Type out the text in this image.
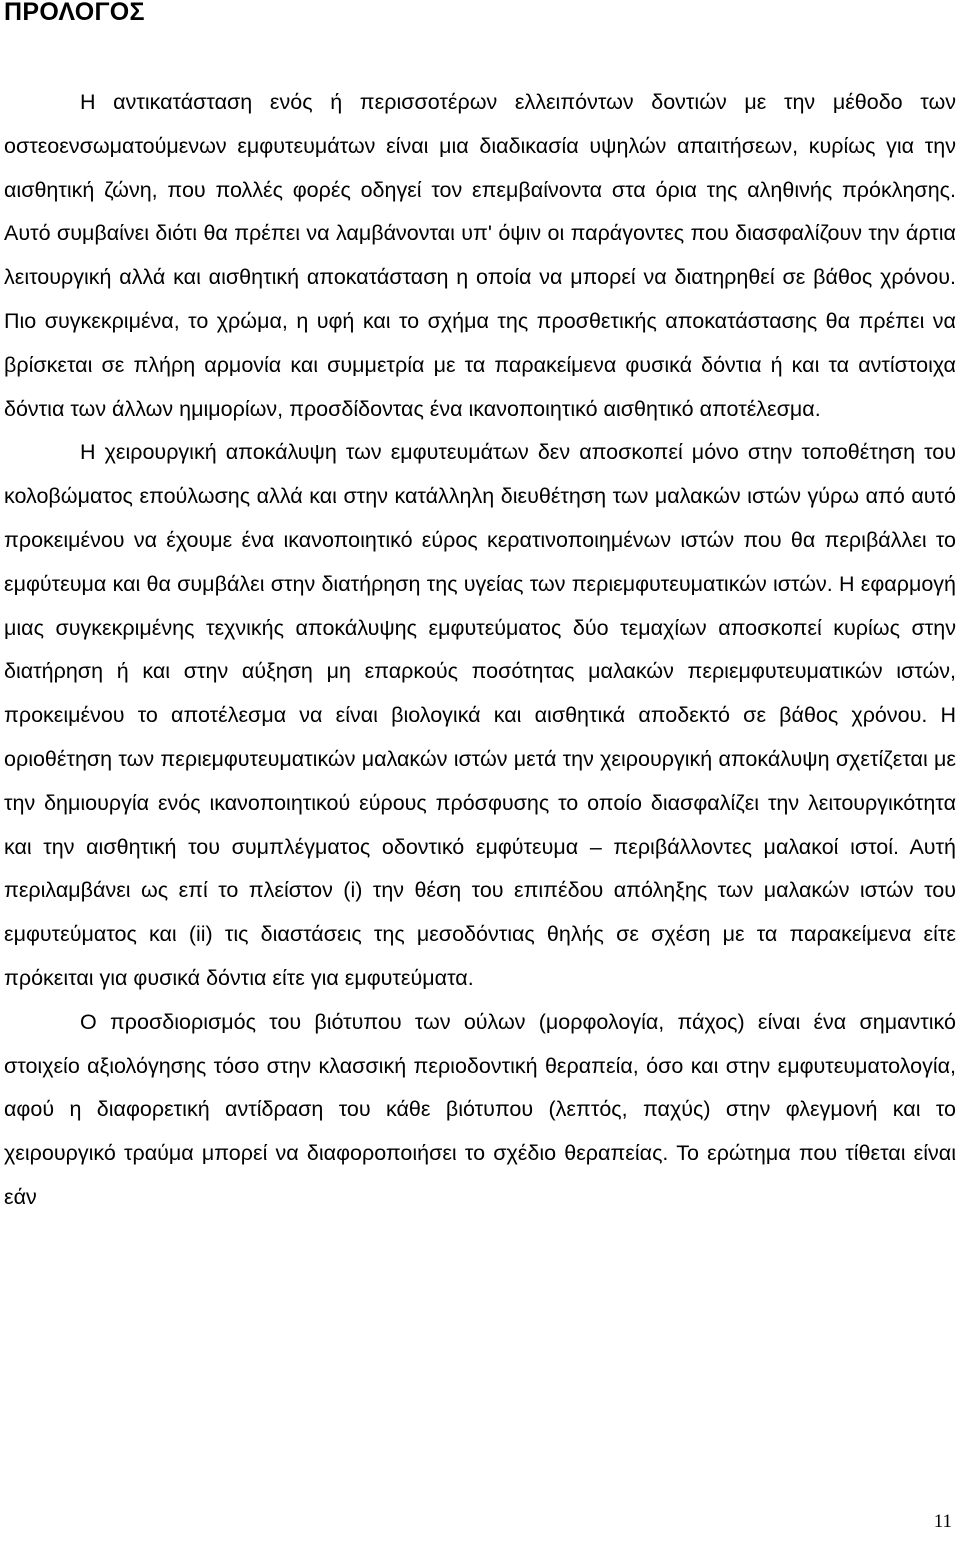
ΠΡΟΛΟΓΟΣ

Η αντικατάσταση ενός ή περισσοτέρων ελλειπόντων δοντιών με την μέθοδο των οστεοενσωματούμενων εμφυτευμάτων είναι μια διαδικασία υψηλών απαιτήσεων, κυρίως για την αισθητική ζώνη, που πολλές φορές οδηγεί τον επεμβαίνοντα στα όρια της αληθινής πρόκλησης. Αυτό συμβαίνει διότι θα πρέπει να λαμβάνονται υπ' όψιν οι παράγοντες που διασφαλίζουν την άρτια λειτουργική αλλά και αισθητική αποκατάσταση η οποία να μπορεί να διατηρηθεί σε βάθος χρόνου. Πιο συγκεκριμένα, το χρώμα, η υφή και το σχήμα της προσθετικής αποκατάστασης θα πρέπει να βρίσκεται σε πλήρη αρμονία και συμμετρία με τα παρακείμενα φυσικά δόντια ή και τα αντίστοιχα δόντια των άλλων ημιμορίων, προσδίδοντας ένα ικανοποιητικό αισθητικό αποτέλεσμα.

Η χειρουργική αποκάλυψη των εμφυτευμάτων δεν αποσκοπεί μόνο στην τοποθέτηση του κολοβώματος επούλωσης αλλά και στην κατάλληλη διευθέτηση των μαλακών ιστών γύρω από αυτό προκειμένου να έχουμε ένα ικανοποιητικό εύρος κερατινοποιημένων ιστών που θα περιβάλλει το εμφύτευμα και θα συμβάλει στην διατήρηση της υγείας των περιεμφυτευματικών ιστών. Η εφαρμογή μιας συγκεκριμένης τεχνικής αποκάλυψης εμφυτεύματος δύο τεμαχίων αποσκοπεί κυρίως στην διατήρηση ή και στην αύξηση μη επαρκούς ποσότητας μαλακών περιεμφυτευματικών ιστών, προκειμένου το αποτέλεσμα να είναι βιολογικά και αισθητικά αποδεκτό σε βάθος χρόνου. Η οριοθέτηση των περιεμφυτευματικών μαλακών ιστών μετά την χειρουργική αποκάλυψη σχετίζεται με την δημιουργία ενός ικανοποιητικού εύρους πρόσφυσης το οποίο διασφαλίζει την λειτουργικότητα και την αισθητική του συμπλέγματος οδοντικό εμφύτευμα – περιβάλλοντες μαλακοί ιστοί. Αυτή περιλαμβάνει ως επί το πλείστον (i) την θέση του επιπέδου απόληξης των μαλακών ιστών του εμφυτεύματος και (ii) τις διαστάσεις της μεσοδόντιας θηλής σε σχέση με τα παρακείμενα είτε πρόκειται για φυσικά δόντια είτε για εμφυτεύματα.

Ο προσδιορισμός του βιότυπου των ούλων (μορφολογία, πάχος) είναι ένα σημαντικό στοιχείο αξιολόγησης τόσο στην κλασσική περιοδοντική θεραπεία, όσο και στην εμφυτευματολογία, αφού η διαφορετική αντίδραση του κάθε βιότυπου (λεπτός, παχύς) στην φλεγμονή και το χειρουργικό τραύμα μπορεί να διαφοροποιήσει το σχέδιο θεραπείας. Το ερώτημα που τίθεται είναι εάν

11
